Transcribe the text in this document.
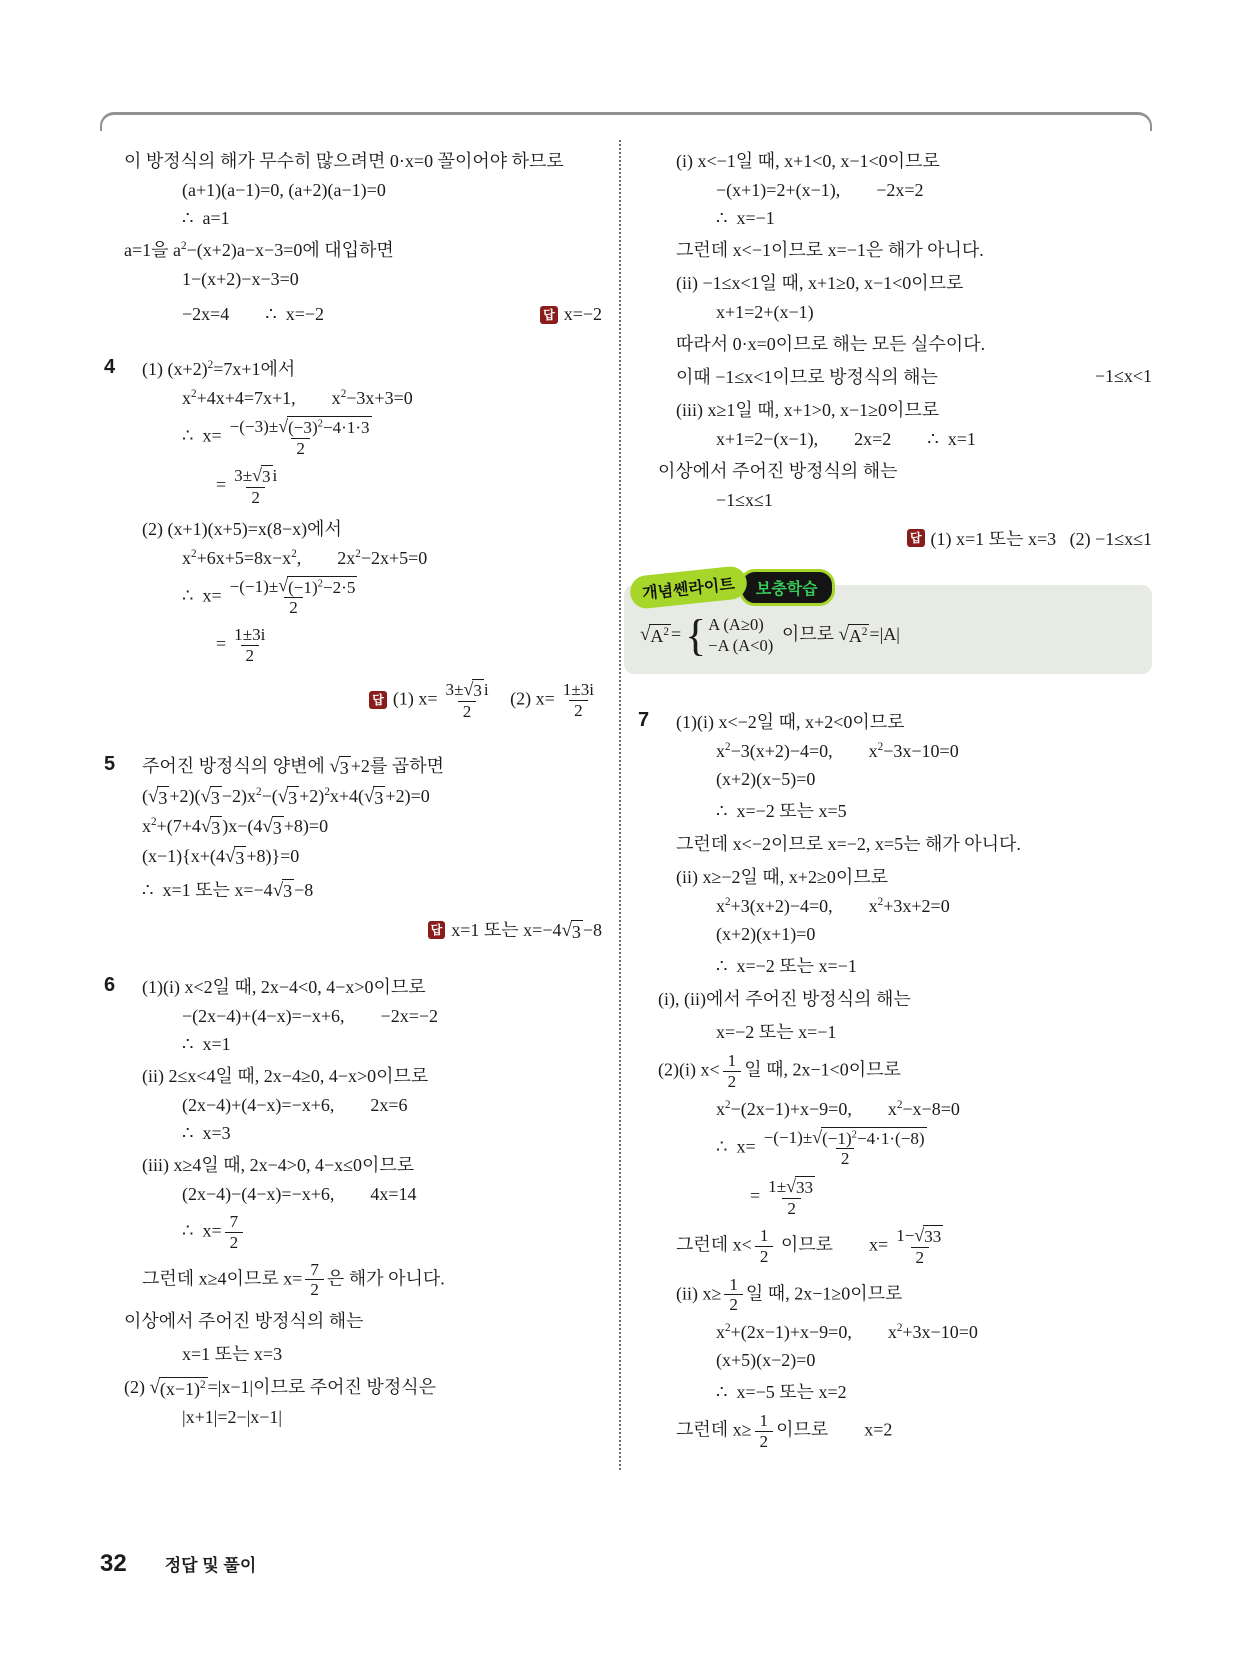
이 방정식의 해가 무수히 많으려면 0·x=0 꼴이어야 하므로
(a+1)(a−1)=0, (a+2)(a−1)=0
∴  a=1
a=1을 $a^2-(x+2)a-x-3=0$에 대입하면
1−(x+2)−x−3=0
−2x=4        ∴  x=−2	답 x=−2
4 (1) $(x+2)^2=7x+1$에서
$x^2+4x+4=7x+1$,        $x^2-3x+3=0$
∴  $x= \frac{-(-3)\pm √ (-3)^2-4\cdot 1\cdot 3}{2}$
= $\frac{3\pm √ 3 i}{2}$
(2) (x+1)(x+5)=x(8−x)에서
$x^2+6x+5=8x-x^2$,        $2x^2-2x+5=0$
∴  $x= \frac{-(-1)\pm √ (-1)^2-2\cdot 5}{2}$
= $\frac{1\pm 3i}{2}$
답 (1) $x= \frac{3\pm √ 3 i}{2} (2)$ $x= \frac{1\pm 3i}{2}$
5 주어진 방정식의 양변에 √ 3 +2를 곱하면
( √ 3 +2)( √ $3 -2)x^2-$( √ 3 +2)$^2$x+4( √ 3 +2)=0
$x^2+(7+4$ √ 3 )x−(4 √ 3 +8)=0
(x−1){x+(4 √ 3 +8)}=0
∴  x=1 또는 x=−4 √ 3 −8
답 x=1 또는 x=−4 √ 3 −8
6 (1)(i) x<2일 때, 2x−4<0, 4−x>0이므로
−(2x−4)+(4−x)=−x+6,        −2x=−2
∴  x=1
(ii) 2≤x<4일 때, 2x−4≥0, 4−x>0이므로
(2x−4)+(4−x)=−x+6,        2x=6
∴  x=3
(iii) x≥4일 때, 2x−4>0, 4−x≤0이므로
(2x−4)−(4−x)=−x+6,        4x=14
∴  $x= \frac{7}{2}$
그런데 x≥4이므로 $x= \frac{7}{2}$ 은 해가 아니다.
이상에서 주어진 방정식의 해는
x=1 또는 x=3
(2) √ $(x-1)^2 =|x-1|$이므로 주어진 방정식은
|x+1|=2−|x−1|
(i) x<−1일 때, x+1<0, x−1<0이므로
−(x+1)=2+(x−1),        −2x=2
∴  x=−1
그런데 x<−1이므로 x=−1은 해가 아니다.
(ii) −1≤x<1일 때, x+1≥0, x−1<0이므로
x+1=2+(x−1)
따라서 0·x=0이므로 해는 모든 실수이다.
이때 −1≤x<1이므로 방정식의 해는	−1≤x<1
(iii) x≥1일 때, x+1>0, x−1≥0이므로
x+1=2−(x−1),        2x=2        ∴  x=1
이상에서 주어진 방정식의 해는
−1≤x≤1
답 (1) x=1 또는 x=3   (2) −1≤x≤1
개념쎈라이트	보충학습
√ $A^2$ = { A (A≥0)
−A (A<0)
이므로 √ $A^2 =|A|$
7 (1)(i) x<−2일 때, x+2<0이므로
$x^2-3(x+2)-4=0$,        $x^2-3x-10=0$
(x+2)(x−5)=0
∴  x=−2 또는 x=5
그런데 x<−2이므로 x=−2, x=5는 해가 아니다.
(ii) x≥−2일 때, x+2≥0이므로
$x^2+3(x+2)-4=0$,        $x^2+3x+2=0$
(x+2)(x+1)=0
∴  x=−2 또는 x=−1
(i), (ii)에서 주어진 방정식의 해는
x=−2 또는 x=−1
(2)(i) $x< \frac{1}{2}$ 일 때, 2x−1<0이므로
$x^2-(2x-1)+x-9=0$,        $x^2-x-8=0$
∴  $x= \frac{-(-1)\pm √ (-1)^2-4\cdot 1\cdot(-8)}{2}$
= $\frac{1\pm √ 33}{2}$
그런데 $x< \frac{1}{2}$ 이므로        $x= \frac{1- √ 33}{2}$
(ii) $x\ge \frac{1}{2}$ 일 때, 2x−1≥0이므로
$x^2+(2x-1)+x-9=0$,        $x^2+3x-10=0$
(x+5)(x−2)=0
∴  x=−5 또는 x=2
그런데 $x\ge \frac{1}{2}$ 이므로        x=2
32 정답 및 풀이
